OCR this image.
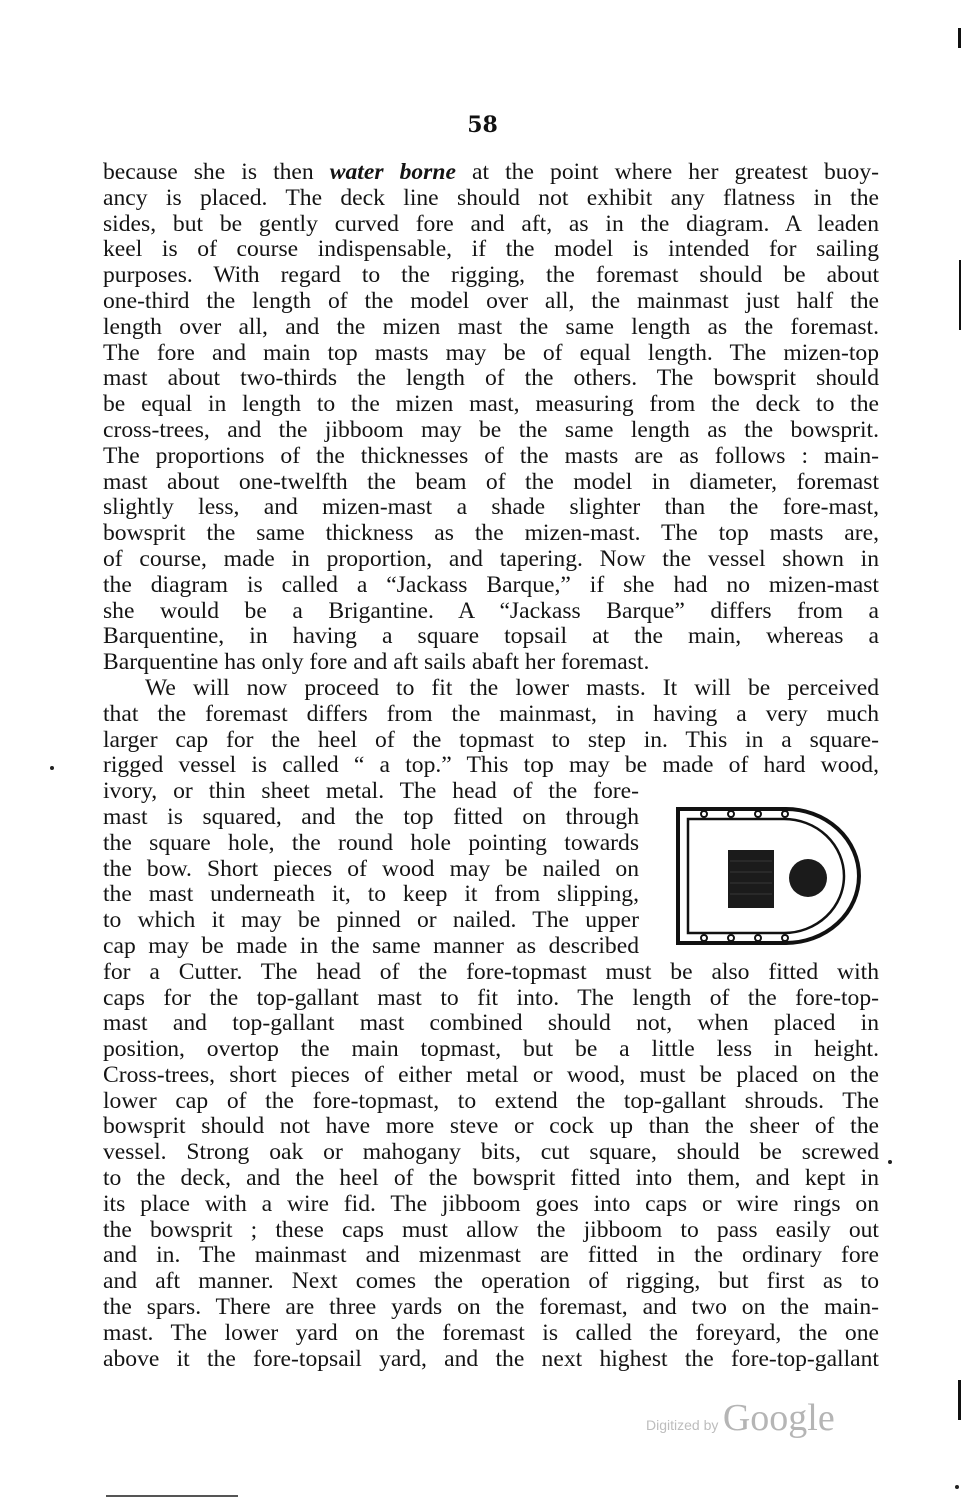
58
because she is then water borne at the point where her greatest buoy-
ancy is placed. The deck line should not exhibit any flatness in the
sides, but be gently curved fore and aft, as in the diagram. A leaden
keel is of course indispensable, if the model is intended for sailing
purposes. With regard to the rigging, the foremast should be about
one-third the length of the model over all, the mainmast just half the
length over all, and the mizen mast the same length as the foremast.
The fore and main top masts may be of equal length. The mizen-top
mast about two-thirds the length of the others. The bowsprit should
be equal in length to the mizen mast, measuring from the deck to the
cross-trees, and the jibboom may be the same length as the bowsprit.
The proportions of the thicknesses of the masts are as follows : main-
mast about one-twelfth the beam of the model in diameter, foremast
slightly less, and mizen-mast a shade slighter than the fore-mast,
bowsprit the same thickness as the mizen-mast. The top masts are,
of course, made in proportion, and tapering. Now the vessel shown in
the diagram is called a “Jackass Barque,” if she had no mizen-mast
she would be a Brigantine. A “Jackass Barque” differs from a
Barquentine, in having a square topsail at the main, whereas a
Barquentine has only fore and aft sails abaft her foremast.
We will now proceed to fit the lower masts. It will be perceived
that the foremast differs from the mainmast, in having a very much
larger cap for the heel of the topmast to step in. This in a square-
rigged vessel is called “ a top.” This top may be made of hard wood,
ivory, or thin sheet metal. The head of the fore-
mast is squared, and the top fitted on through
the square hole, the round hole pointing towards
the bow. Short pieces of wood may be nailed on
the mast underneath it, to keep it from slipping,
to which it may be pinned or nailed. The upper
cap may be made in the same manner as described
for a Cutter. The head of the fore-topmast must be also fitted with
caps for the top-gallant mast to fit into. The length of the fore-top-
mast and top-gallant mast combined should not, when placed in
position, overtop the main topmast, but be a little less in height.
Cross-trees, short pieces of either metal or wood, must be placed on the
lower cap of the fore-topmast, to extend the top-gallant shrouds. The
bowsprit should not have more steve or cock up than the sheer of the
vessel. Strong oak or mahogany bits, cut square, should be screwed
to the deck, and the heel of the bowsprit fitted into them, and kept in
its place with a wire fid. The jibboom goes into caps or wire rings on
the bowsprit ; these caps must allow the jibboom to pass easily out
and in. The mainmast and mizenmast are fitted in the ordinary fore
and aft manner. Next comes the operation of rigging, but first as to
the spars. There are three yards on the foremast, and two on the main-
mast. The lower yard on the foremast is called the foreyard, the one
above it the fore-topsail yard, and the next highest the fore-top-gallant
Digitized by Google
